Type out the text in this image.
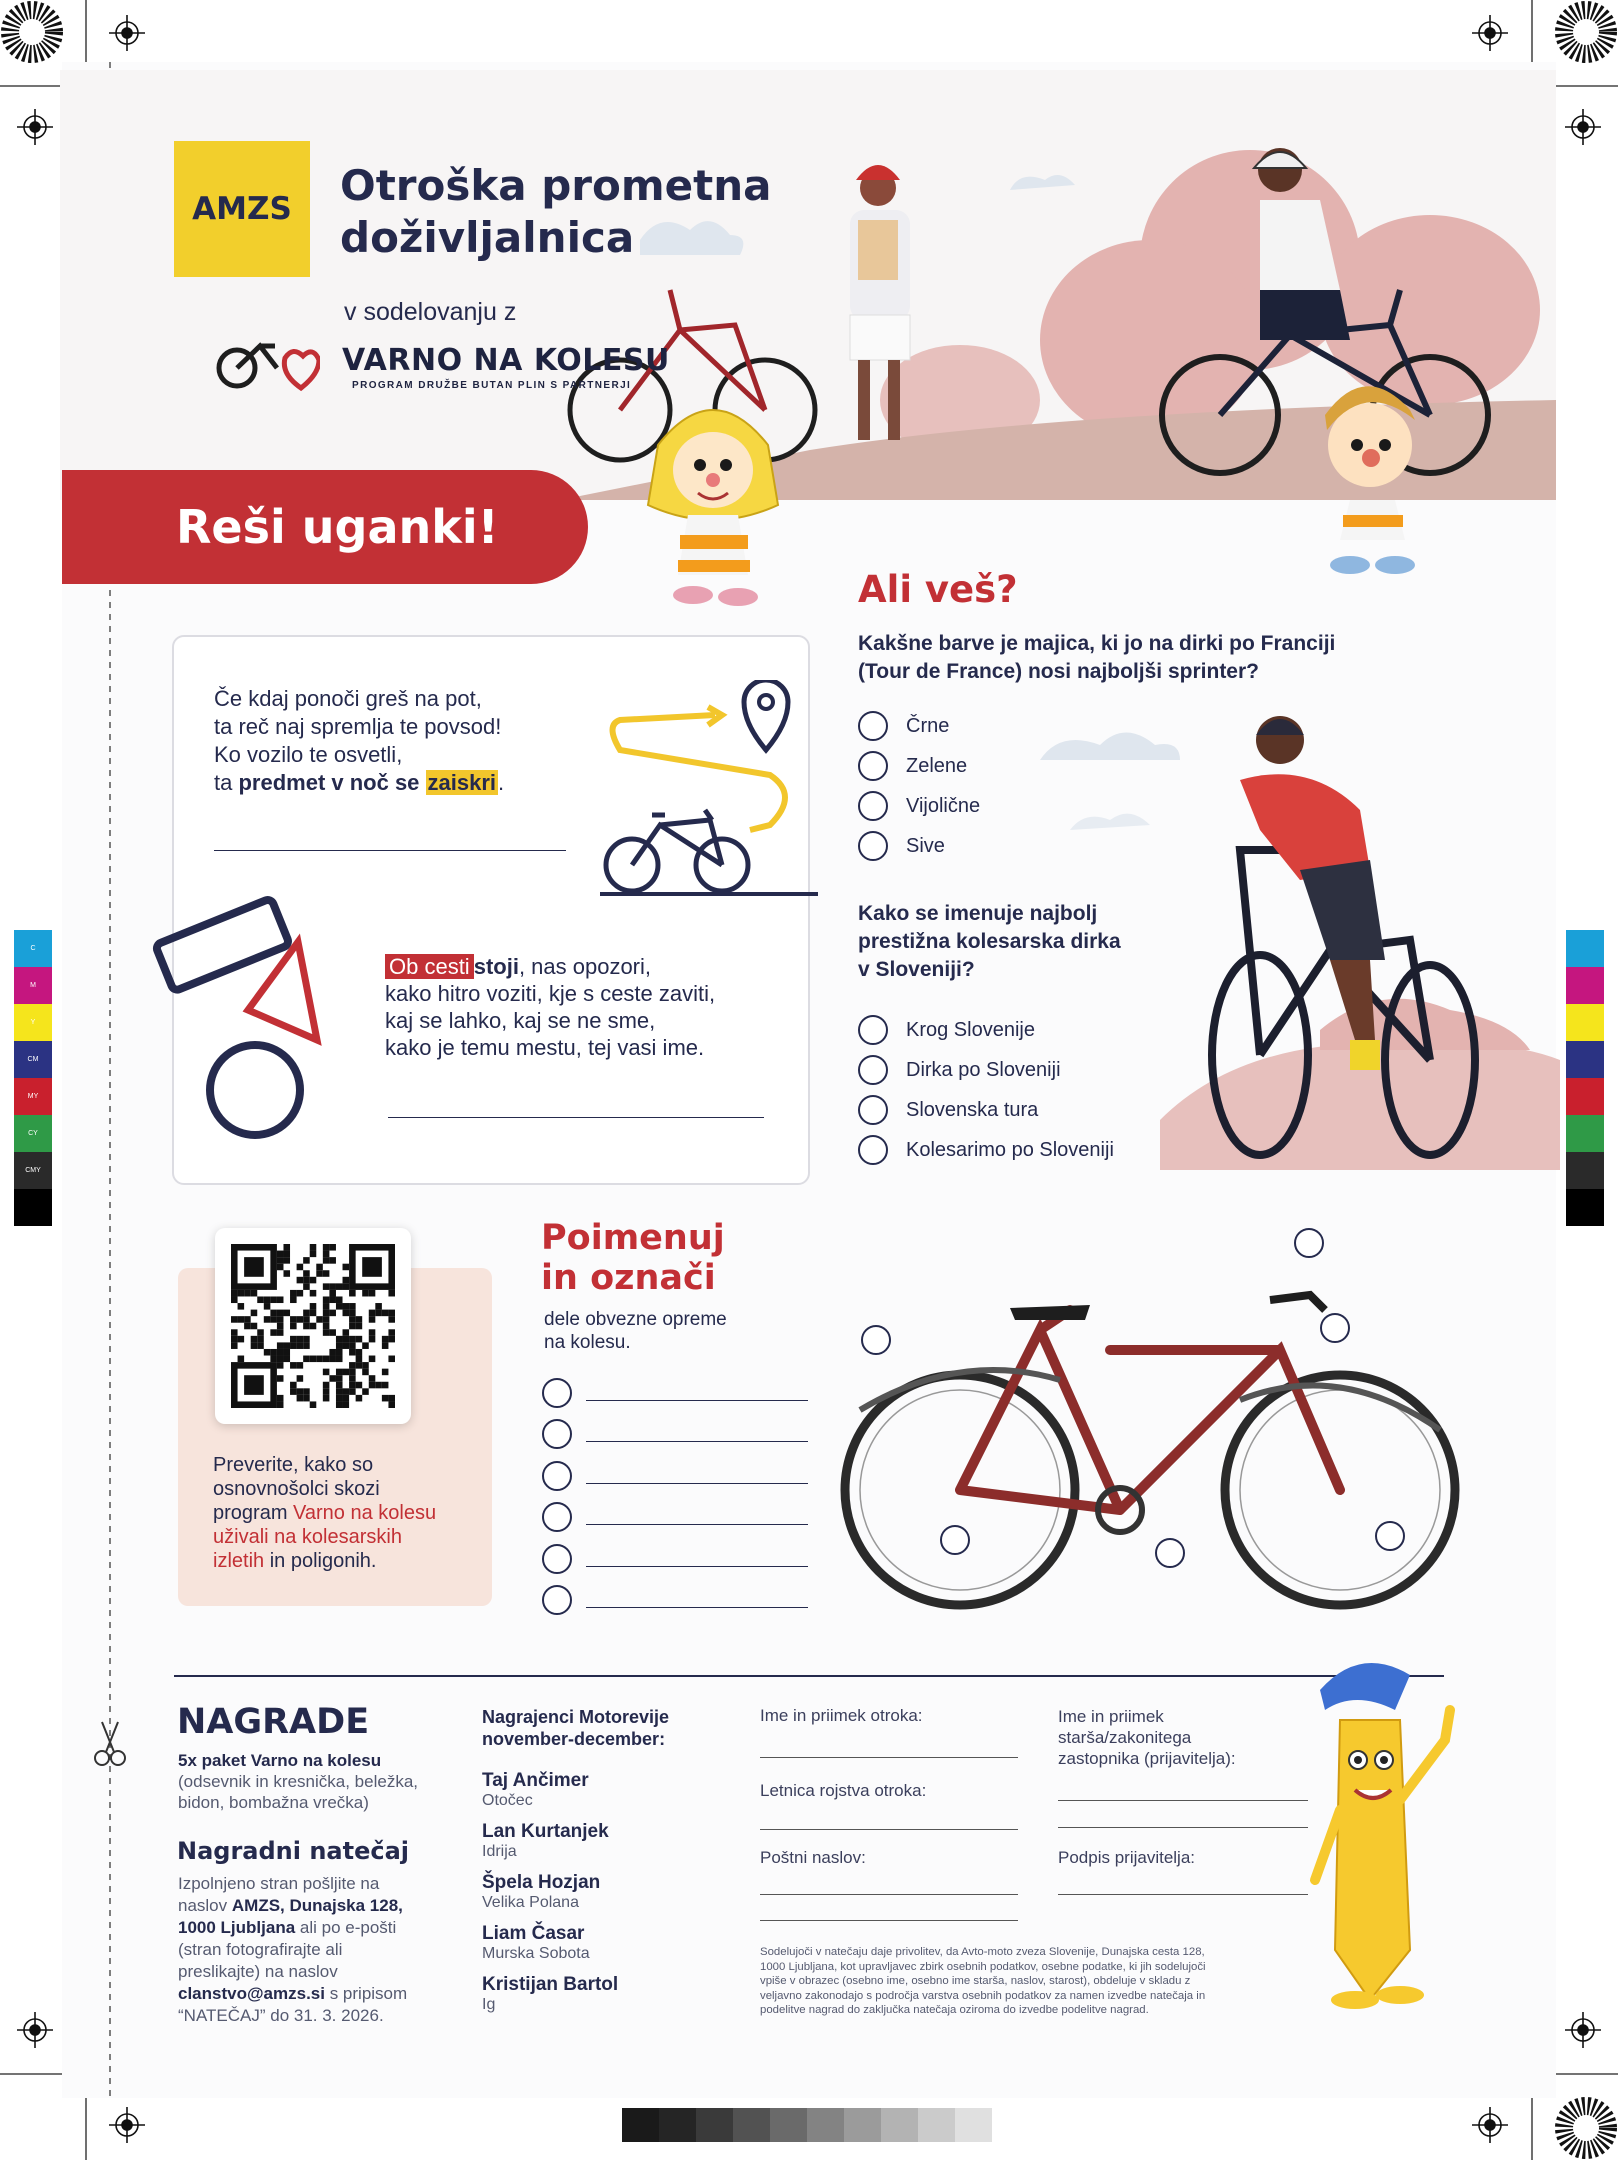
C
M
Y
CM
MY
CY
CMY
AMZS Otroška prometna
doživljalnica
v sodelovanju z
VARNO NA KOLESU
PROGRAM DRUŽBE BUTAN PLIN S PARTNERJI
Reši uganki!
Če kdaj ponoči greš na pot,
ta reč naj spremlja te povsod!
Ko vozilo te osvetli,
ta predmet v noč se zaiskri.
Ob cesti stoji, nas opozori,
kako hitro voziti, kje s ceste zaviti,
kaj se lahko, kaj se ne sme,
kako je temu mestu, tej vasi ime.
Ali veš?
Kakšne barve je majica, ki jo na dirki po Franciji
(Tour de France) nosi najboljši sprinter?
Črne
Zelene
Vijolične
Sive
Kako se imenuje najbolj
prestižna kolesarska dirka
v Sloveniji?
Krog Slovenije
Dirka po Sloveniji
Slovenska tura
Kolesarimo po Sloveniji
Preverite, kako so
osnovnošolci skozi
program Varno na kolesu
uživali na kolesarskih
izletih in poligonih.
Poimenuj
in označi
dele obvezne opreme
na kolesu.
NAGRADE
5x paket Varno na kolesu
(odsevnik in kresnička, beležka,
bidon, bombažna vrečka)
Nagradni natečaj
Izpolnjeno stran pošljite na
naslov AMZS, Dunajska 128,
1000 Ljubljana ali po e-pošti
(stran fotografirajte ali
preslikajte) na naslov
clanstvo@amzs.si s pripisom
“NATEČAJ” do 31. 3. 2026.
Nagrajenci Motorevije
november-december:
Taj Ančimer
Otočec
Lan Kurtanjek
Idrija
Špela Hozjan
Velika Polana
Liam Časar
Murska Sobota
Kristijan Bartol
Ig
Ime in priimek otroka:
Letnica rojstva otroka:
Poštni naslov:
Ime in priimek
staršа/zakonitega
zastopnika (prijavitelja):
Podpis prijavitelja:
Sodelujoči v natečaju daje privolitev, da Avto-moto zveza Slovenije, Dunajska cesta 128,
1000 Ljubljana, kot upravljavec zbirk osebnih podatkov, osebne podatke, ki jih sodelujoči
vpiše v obrazec (osebno ime, osebno ime starša, naslov, starost), obdeluje v skladu z
veljavno zakonodajo s področja varstva osebnih podatkov za namen izvedbe natečaja in
podelitve nagrad do zaključka natečaja oziroma do izvedbe podelitve nagrad.
